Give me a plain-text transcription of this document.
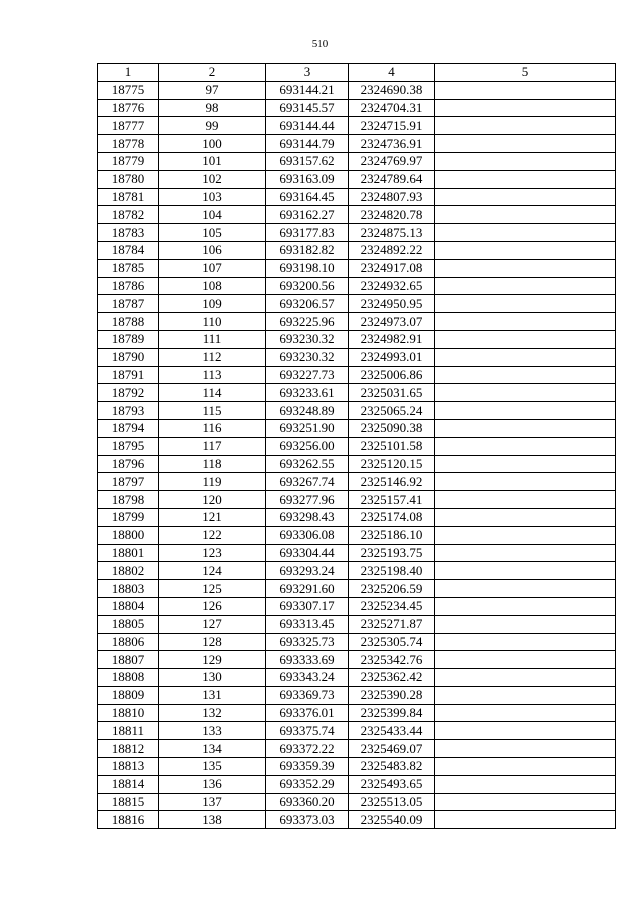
510
1	2	3	4	5
18775	97	693144.21	2324690.38	
18776	98	693145.57	2324704.31	
18777	99	693144.44	2324715.91	
18778	100	693144.79	2324736.91	
18779	101	693157.62	2324769.97	
18780	102	693163.09	2324789.64	
18781	103	693164.45	2324807.93	
18782	104	693162.27	2324820.78	
18783	105	693177.83	2324875.13	
18784	106	693182.82	2324892.22	
18785	107	693198.10	2324917.08	
18786	108	693200.56	2324932.65	
18787	109	693206.57	2324950.95	
18788	110	693225.96	2324973.07	
18789	111	693230.32	2324982.91	
18790	112	693230.32	2324993.01	
18791	113	693227.73	2325006.86	
18792	114	693233.61	2325031.65	
18793	115	693248.89	2325065.24	
18794	116	693251.90	2325090.38	
18795	117	693256.00	2325101.58	
18796	118	693262.55	2325120.15	
18797	119	693267.74	2325146.92	
18798	120	693277.96	2325157.41	
18799	121	693298.43	2325174.08	
18800	122	693306.08	2325186.10	
18801	123	693304.44	2325193.75	
18802	124	693293.24	2325198.40	
18803	125	693291.60	2325206.59	
18804	126	693307.17	2325234.45	
18805	127	693313.45	2325271.87	
18806	128	693325.73	2325305.74	
18807	129	693333.69	2325342.76	
18808	130	693343.24	2325362.42	
18809	131	693369.73	2325390.28	
18810	132	693376.01	2325399.84	
18811	133	693375.74	2325433.44	
18812	134	693372.22	2325469.07	
18813	135	693359.39	2325483.82	
18814	136	693352.29	2325493.65	
18815	137	693360.20	2325513.05	
18816	138	693373.03	2325540.09	
